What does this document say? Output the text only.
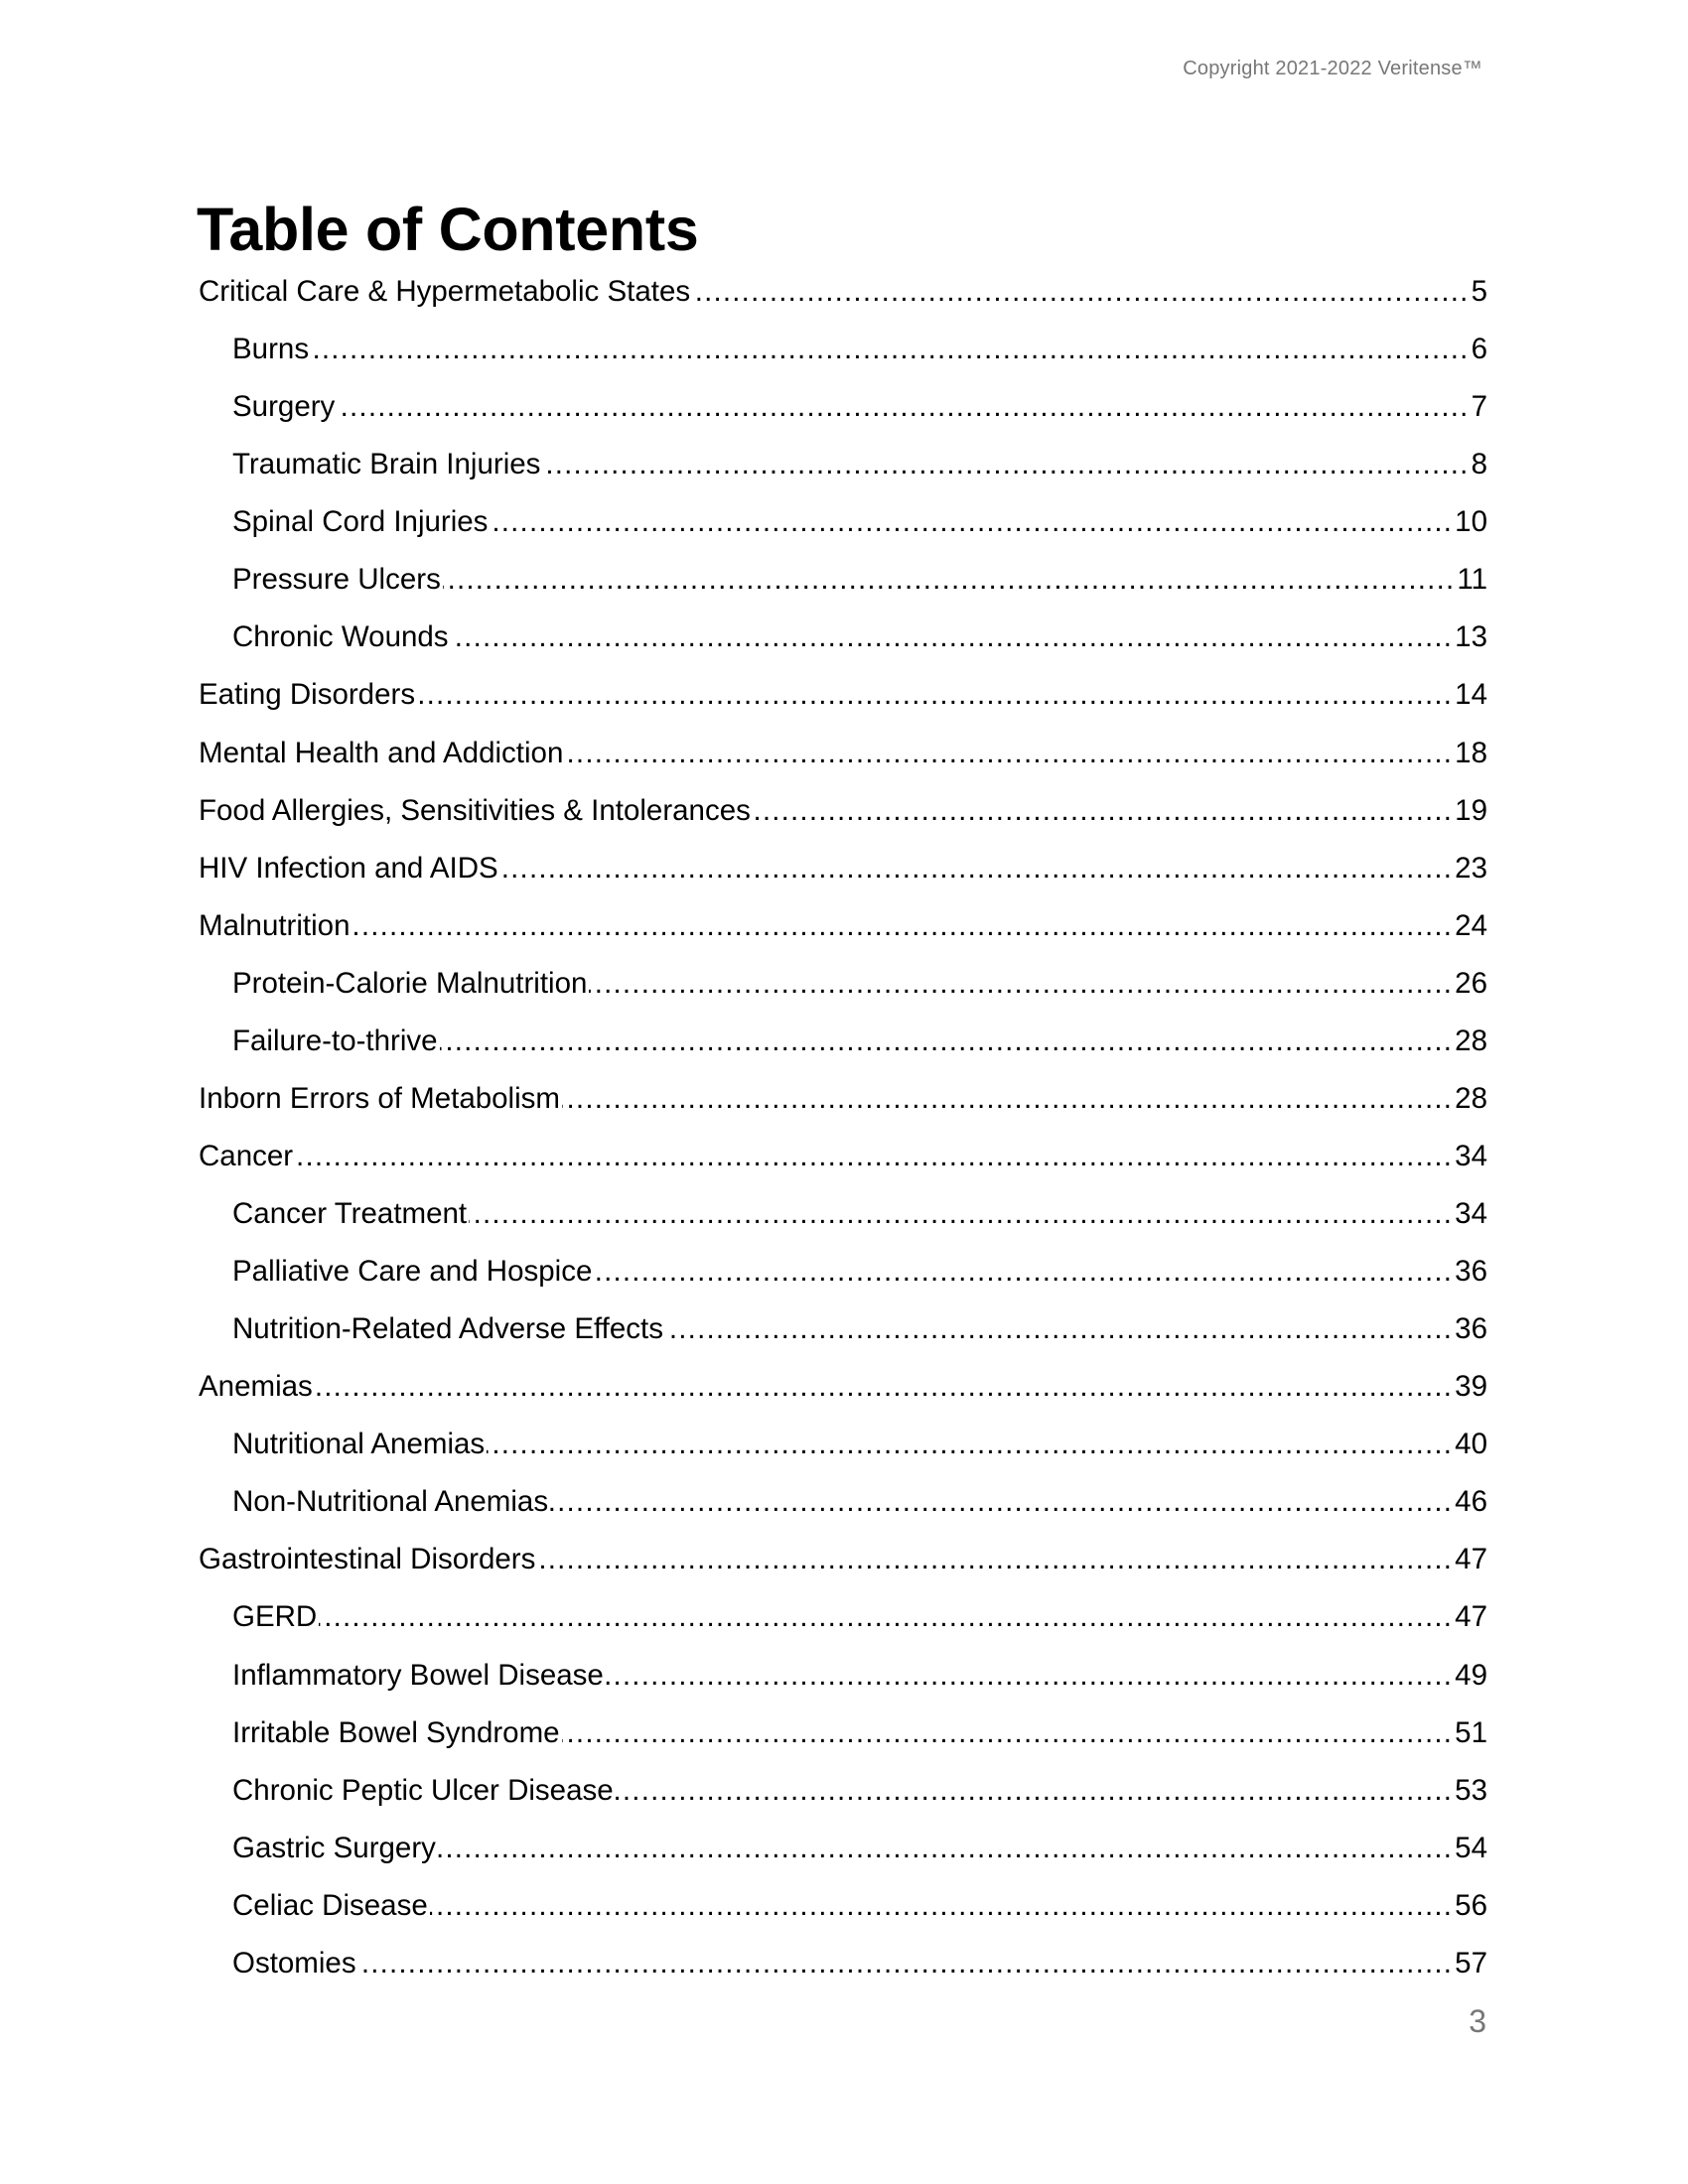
Copyright 2021-2022 Veritense™
Table of Contents
Critical Care & Hypermetabolic States .....	5
Burns .....	6
Surgery .....	7
Traumatic Brain Injuries .....	8
Spinal Cord Injuries .....	10
Pressure Ulcers .....	11
Chronic Wounds .....	13
Eating Disorders .....	14
Mental Health and Addiction .....	18
Food Allergies, Sensitivities & Intolerances .....	19
HIV Infection and AIDS .....	23
Malnutrition .....	24
Protein-Calorie Malnutrition .....	26
Failure-to-thrive .....	28
Inborn Errors of Metabolism .....	28
Cancer .....	34
Cancer Treatment .....	34
Palliative Care and Hospice .....	36
Nutrition-Related Adverse Effects .....	36
Anemias .....	39
Nutritional Anemias .....	40
Non-Nutritional Anemias .....	46
Gastrointestinal Disorders .....	47
GERD .....	47
Inflammatory Bowel Disease .....	49
Irritable Bowel Syndrome .....	51
Chronic Peptic Ulcer Disease .....	53
Gastric Surgery .....	54
Celiac Disease .....	56
Ostomies .....	57
3
